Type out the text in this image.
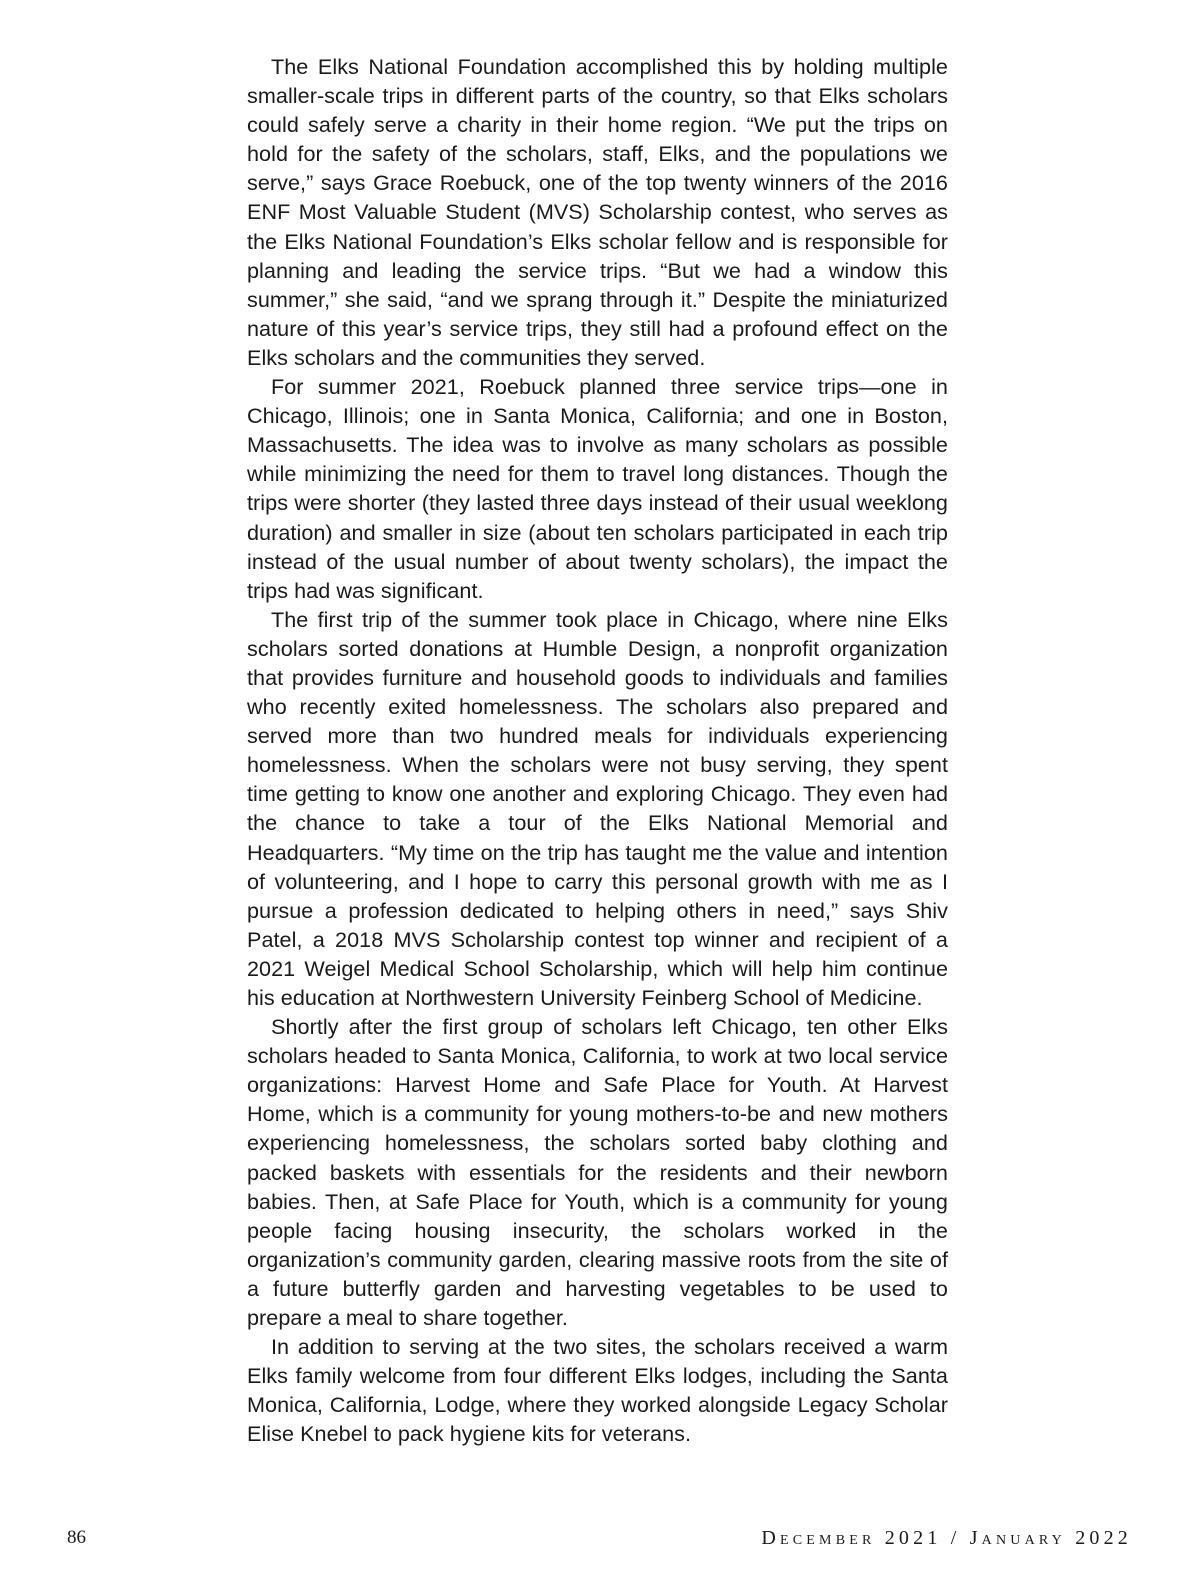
The Elks National Foundation accomplished this by holding multiple smaller-scale trips in different parts of the country, so that Elks scholars could safely serve a charity in their home region. “We put the trips on hold for the safety of the scholars, staff, Elks, and the populations we serve,” says Grace Roebuck, one of the top twenty winners of the 2016 ENF Most Valuable Student (MVS) Scholarship contest, who serves as the Elks National Foundation’s Elks scholar fellow and is responsible for planning and leading the service trips. “But we had a window this summer,” she said, “and we sprang through it.” Despite the miniaturized nature of this year’s service trips, they still had a profound effect on the Elks scholars and the communities they served.

For summer 2021, Roebuck planned three service trips—one in Chicago, Illinois; one in Santa Monica, California; and one in Boston, Massachusetts. The idea was to involve as many scholars as possible while minimizing the need for them to travel long distances. Though the trips were shorter (they lasted three days instead of their usual weeklong duration) and smaller in size (about ten scholars participated in each trip instead of the usual number of about twenty scholars), the impact the trips had was significant.

The first trip of the summer took place in Chicago, where nine Elks scholars sorted donations at Humble Design, a nonprofit organization that provides furniture and household goods to individuals and families who recently exited homelessness. The scholars also prepared and served more than two hundred meals for individuals experiencing homelessness. When the scholars were not busy serving, they spent time getting to know one another and exploring Chicago. They even had the chance to take a tour of the Elks National Memorial and Headquarters. “My time on the trip has taught me the value and intention of volunteering, and I hope to carry this personal growth with me as I pursue a profession dedicated to helping others in need,” says Shiv Patel, a 2018 MVS Scholarship contest top winner and recipient of a 2021 Weigel Medical School Scholarship, which will help him continue his education at Northwestern University Feinberg School of Medicine.

Shortly after the first group of scholars left Chicago, ten other Elks scholars headed to Santa Monica, California, to work at two local service organizations: Harvest Home and Safe Place for Youth. At Harvest Home, which is a community for young mothers-to-be and new mothers experiencing homelessness, the scholars sorted baby clothing and packed baskets with essentials for the residents and their newborn babies. Then, at Safe Place for Youth, which is a community for young people facing housing insecurity, the scholars worked in the organization’s community garden, clearing massive roots from the site of a future butterfly garden and harvesting vegetables to be used to prepare a meal to share together.

In addition to serving at the two sites, the scholars received a warm Elks family welcome from four different Elks lodges, including the Santa Monica, California, Lodge, where they worked alongside Legacy Scholar Elise Knebel to pack hygiene kits for veterans.

86	December 2021 / January 2022
